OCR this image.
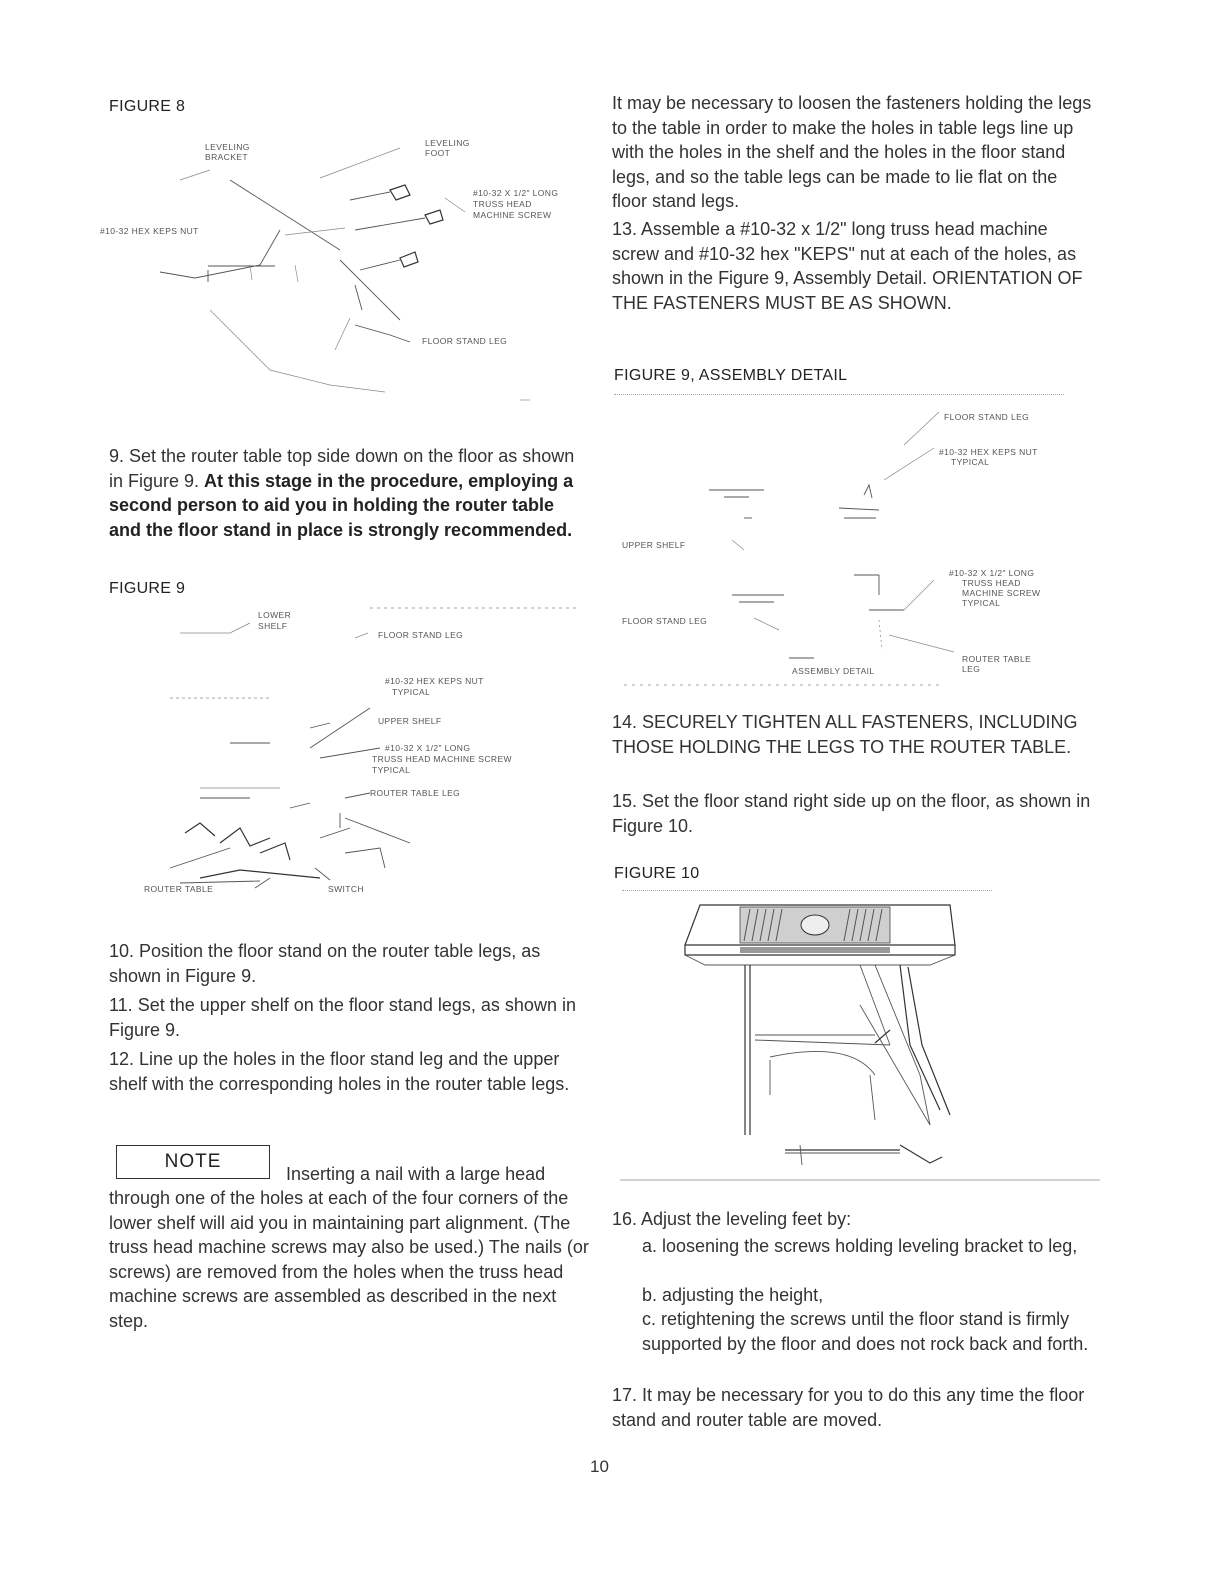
FIGURE 8
LEVELING
BRACKET
LEVELING
FOOT
#10-32 X 1/2" LONG
TRUSS HEAD
MACHINE SCREW
#10-32 HEX KEPS NUT
FLOOR STAND LEG
9. Set the router table top side down on the floor as shown in Figure 9. At this stage in the procedure, employing a second person to aid you in holding the router table and the floor stand in place is strongly recommended.
FIGURE 9
LOWER
SHELF
FLOOR STAND LEG
#10-32 HEX KEPS NUT
TYPICAL
UPPER SHELF
#10-32 X 1/2" LONG
TRUSS HEAD MACHINE SCREW
TYPICAL
ROUTER TABLE LEG
ROUTER TABLE	SWITCH
10. Position the floor stand on the router table legs, as shown in Figure 9.
11. Set the upper shelf on the floor stand legs, as shown in Figure 9.
12. Line up the holes in the floor stand leg and the upper shelf with the corresponding holes in the router table legs.
NOTE
Inserting a nail with a large head
through one of the holes at each of the four corners of the lower shelf will aid you in maintaining part alignment. (The truss head machine screws may also be used.) The nails (or screws) are removed from the holes when the truss head machine screws are assembled as described in the next step.
It may be necessary to loosen the fasteners holding the legs to the table in order to make the holes in table legs line up with the holes in the shelf and the holes in the floor stand legs, and so the table legs can be made to lie flat on the floor stand legs.
13. Assemble a #10-32 x 1/2" long truss head machine screw and #10-32 hex "KEPS" nut at each of the holes, as shown in the Figure 9, Assembly Detail. ORIENTATION OF THE FASTENERS MUST BE AS SHOWN.
FIGURE 9, ASSEMBLY DETAIL
FLOOR STAND LEG
#10-32 HEX KEPS NUT
TYPICAL
UPPER SHELF
#10-32 X 1/2" LONG
TRUSS HEAD
MACHINE SCREW
TYPICAL
FLOOR STAND LEG
ROUTER TABLE
LEG
ASSEMBLY DETAIL
14. SECURELY TIGHTEN ALL FASTENERS, INCLUDING THOSE HOLDING THE LEGS TO THE ROUTER TABLE.
15. Set the floor stand right side up on the floor, as shown in Figure 10.
FIGURE 10
16. Adjust the leveling feet by:
a. loosening the screws holding leveling bracket to leg,
b. adjusting the height,
c. retightening the screws until the floor stand is firmly supported by the floor and does not rock back and forth.
17. It may be necessary for you to do this any time the floor stand and router table are moved.
10
